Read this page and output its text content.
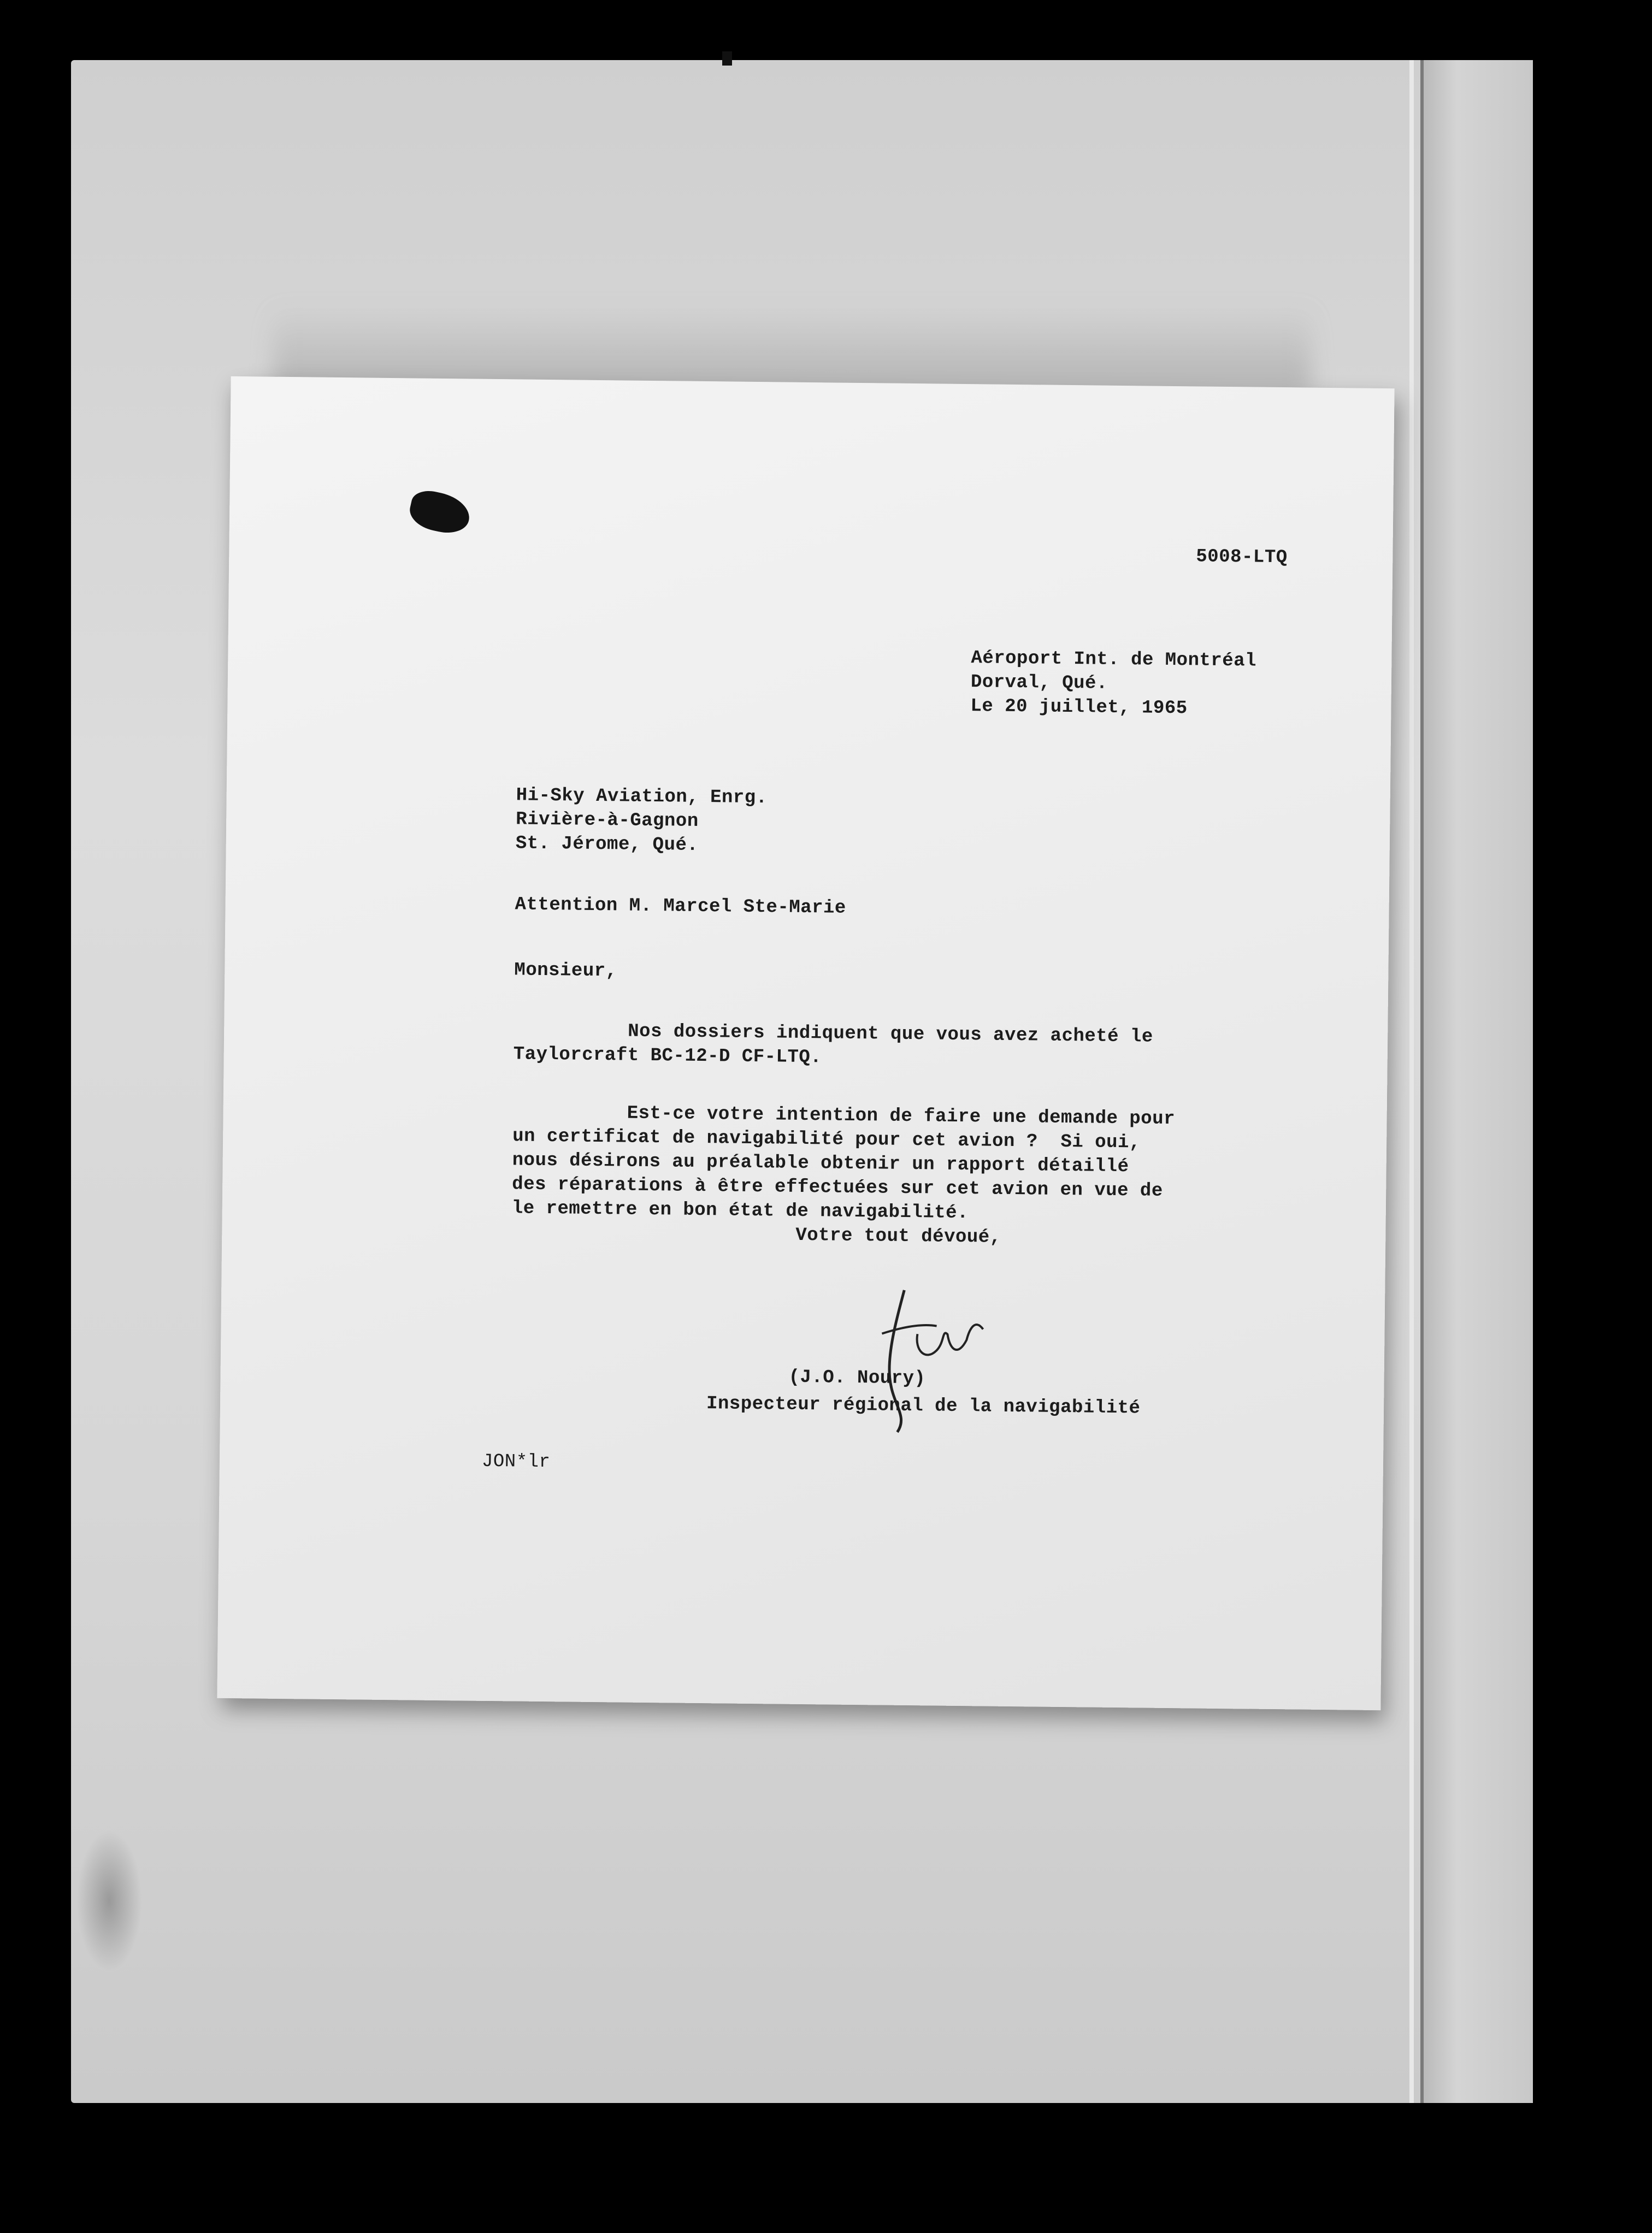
5008-LTQ
Aéroport Int. de Montréal
Dorval, Qué.
Le 20 juillet, 1965
Hi-Sky Aviation, Enrg.
Rivière-à-Gagnon
St. Jérome, Qué.
Attention M. Marcel Ste-Marie
Monsieur,
Nos dossiers indiquent que vous avez acheté le
Taylorcraft BC-12-D CF-LTQ.
Est-ce votre intention de faire une demande pour
un certificat de navigabilité pour cet avion ?  Si oui,
nous désirons au préalable obtenir un rapport détaillé
des réparations à être effectuées sur cet avion en vue de
le remettre en bon état de navigabilité.
Votre tout dévoué,
(J.O. Noury)
Inspecteur régional de la navigabilité
JON*lr
